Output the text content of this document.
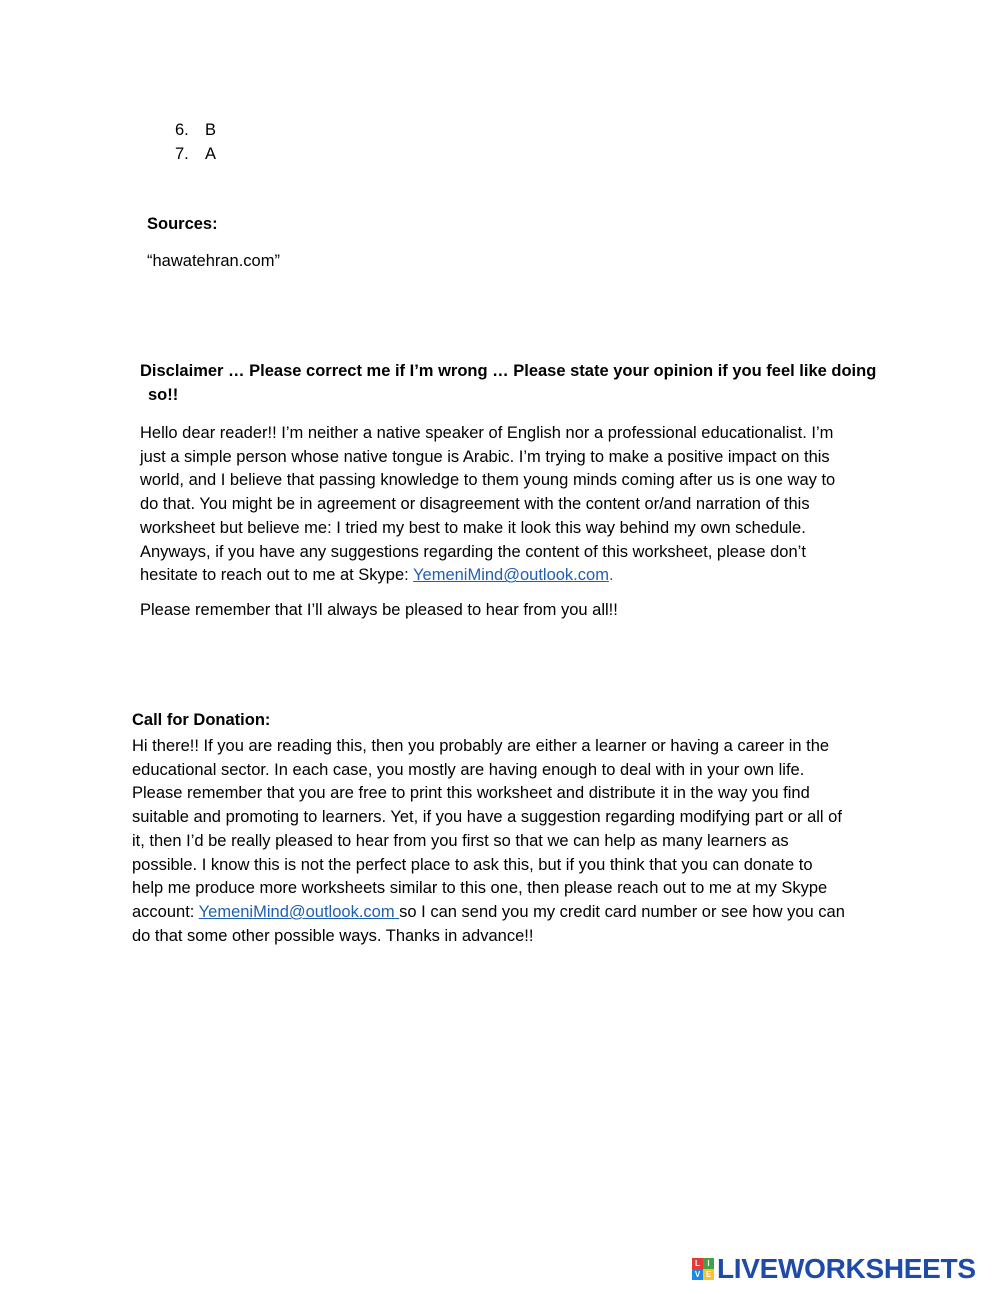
6. B
7. A
Sources:
“hawatehran.com”
Disclaimer … Please correct me if I’m wrong … Please state your opinion if you feel like doing
so!!
Hello dear reader!! I’m neither a native speaker of English nor a professional educationalist. I’m
just a simple person whose native tongue is Arabic. I’m trying to make a positive impact on this
world, and I believe that passing knowledge to them young minds coming after us is one way to
do that. You might be in agreement or disagreement with the content or/and narration of this
worksheet but believe me: I tried my best to make it look this way behind my own schedule.
Anyways, if you have any suggestions regarding the content of this worksheet, please don’t
hesitate to reach out to me at Skype: YemeniMind@outlook.com.
Please remember that I’ll always be pleased to hear from you all!!
Call for Donation:
Hi there!! If you are reading this, then you probably are either a learner or having a career in the
educational sector. In each case, you mostly are having enough to deal with in your own life.
Please remember that you are free to print this worksheet and distribute it in the way you find
suitable and promoting to learners. Yet, if you have a suggestion regarding modifying part or all of
it, then I’d be really pleased to hear from you first so that we can help as many learners as
possible. I know this is not the perfect place to ask this, but if you think that you can donate to
help me produce more worksheets similar to this one, then please reach out to me at my Skype
account: YemeniMind@outlook.com so I can send you my credit card number or see how you can
do that some other possible ways. Thanks in advance!!
L I
V E LIVEWORKSHEETS
